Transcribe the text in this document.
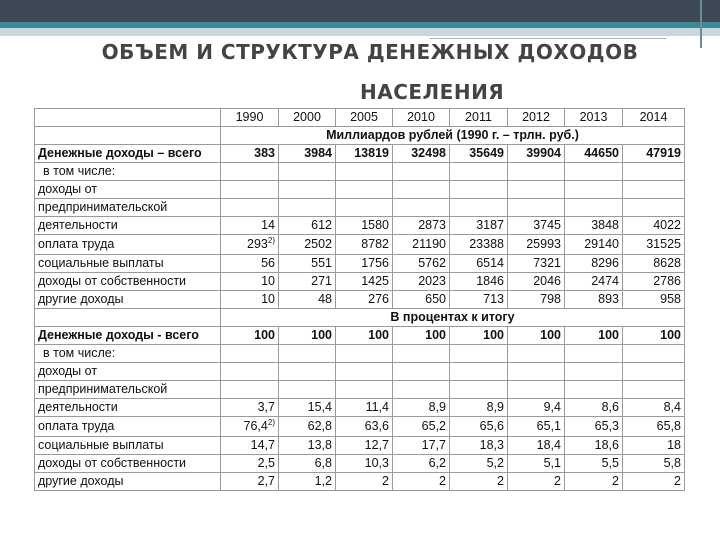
ОБЪЕМ И СТРУКТУРА ДЕНЕЖНЫХ ДОХОДОВ
НАСЕЛЕНИЯ
	1990	2000	2005	2010	2011	2012	2013	2014
	Миллиардов рублей (1990 г. – трлн. руб.)							
Денежные доходы – всего	383	3984	13819	32498	35649	39904	44650	47919
в том числе:								
доходы от								
предпринимательской								
деятельности	14	612	1580	2873	3187	3745	3848	4022
оплата труда	293$^{2)}$	2502	8782	21190	23388	25993	29140	31525
социальные выплаты	56	551	1756	5762	6514	7321	8296	8628
доходы от собственности	10	271	1425	2023	1846	2046	2474	2786
другие доходы	10	48	276	650	713	798	893	958
	В процентах к итогу							
Денежные доходы - всего	100	100	100	100	100	100	100	100
в том числе:								
доходы от								
предпринимательской								
деятельности	3,7	15,4	11,4	8,9	8,9	9,4	8,6	8,4
оплата труда	76,4$^{2)}$	62,8	63,6	65,2	65,6	65,1	65,3	65,8
социальные выплаты	14,7	13,8	12,7	17,7	18,3	18,4	18,6	18
доходы от собственности	2,5	6,8	10,3	6,2	5,2	5,1	5,5	5,8
другие доходы	2,7	1,2	2	2	2	2	2	2
